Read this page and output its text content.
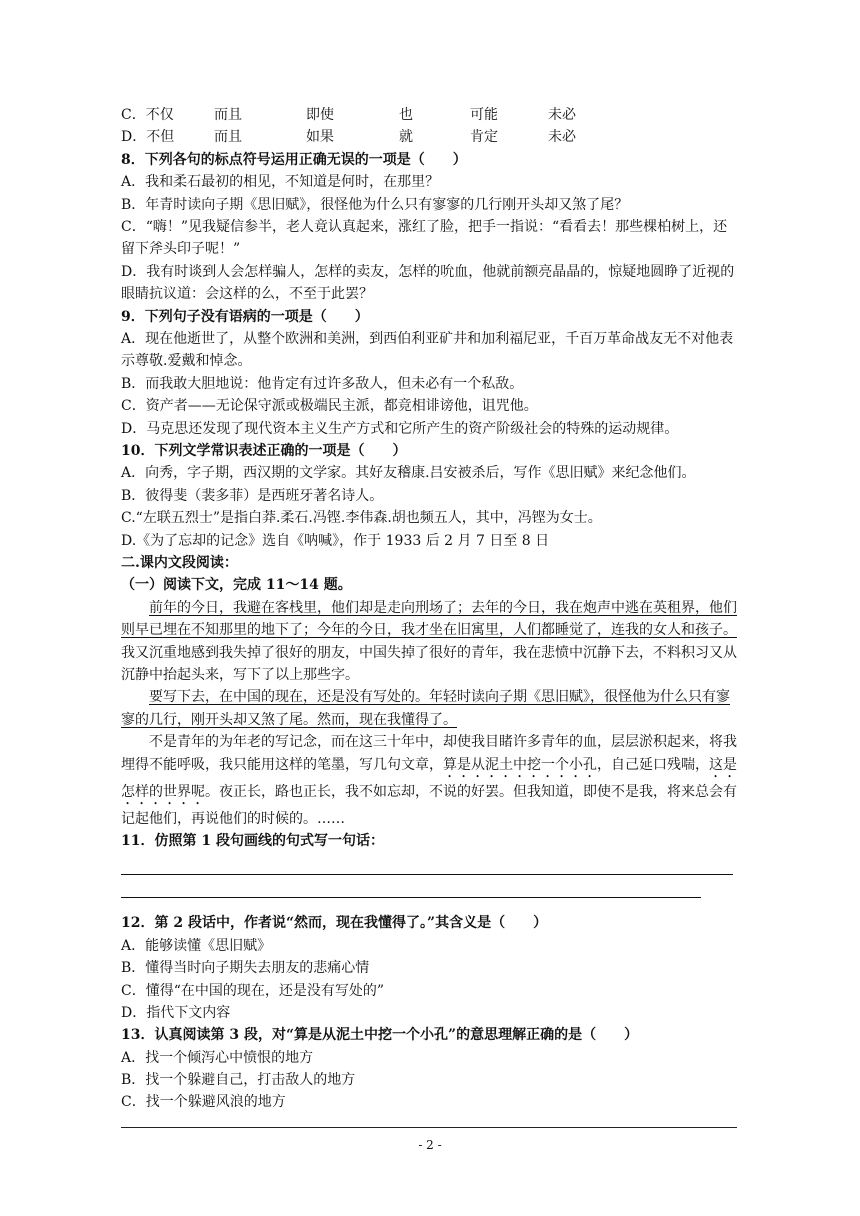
C．不仅	而且	即使	也	可能	未必
D．不但	而且	如果	就	肯定	未必
8．下列各句的标点符号运用正确无误的一项是（　　）
A．我和柔石最初的相见，不知道是何时，在那里？
B．年青时读向子期《思旧赋》，很怪他为什么只有寥寥的几行刚开头却又煞了尾？
C．“嗨！”见我疑信参半，老人竟认真起来，涨红了脸，把手一指说：“看看去！那些棵柏树上，还留下斧头印子呢！”
D．我有时谈到人会怎样骗人，怎样的卖友，怎样的吮血，他就前额亮晶晶的，惊疑地圆睁了近视的眼睛抗议道：会这样的么，不至于此罢？
9．下列句子没有语病的一项是（　　）
A．现在他逝世了，从整个欧洲和美洲，到西伯利亚矿井和加利福尼亚，千百万革命战友无不对他表示尊敬.爱戴和悼念。
B．而我敢大胆地说：他肯定有过许多敌人，但未必有一个私敌。
C．资产者——无论保守派或极端民主派，都竞相诽谤他，诅咒他。
D．马克思还发现了现代资本主义生产方式和它所产生的资产阶级社会的特殊的运动规律。
10．下列文学常识表述正确的一项是（　　）
A．向秀，字子期，西汉期的文学家。其好友稽康.吕安被杀后，写作《思旧赋》来纪念他们。
B．彼得斐（裴多菲）是西班牙著名诗人。
C.“左联五烈士”是指白莽.柔石.冯铿.李伟森.胡也频五人，其中，冯铿为女士。
D.《为了忘却的记念》选自《呐喊》，作于 1933 后 2 月 7 日至 8 日
二.课内文段阅读：
（一）阅读下文，完成 11～14 题。
前年的今日，我避在客栈里，他们却是走向刑场了；去年的今日，我在炮声中逃在英租界，他们则早已埋在不知那里的地下了；今年的今日，我才坐在旧寓里，人们都睡觉了，连我的女人和孩子。我又沉重地感到我失掉了很好的朋友，中国失掉了很好的青年，我在悲愤中沉静下去，不料积习又从沉静中抬起头来，写下了以上那些字。
要写下去，在中国的现在，还是没有写处的。年轻时读向子期《思旧赋》，很怪他为什么只有寥寥的几行，刚开头却又煞了尾。然而，现在我懂得了。
不是青年的为年老的写记念，而在这三十年中，却使我目睹许多青年的血，层层淤积起来，将我埋得不能呼吸，我只能用这样的笔墨，写几句文章，算是从泥土中挖一个小孔，自己延口残喘，这是怎样的世界呢。夜正长，路也正长，我不如忘却，不说的好罢。但我知道，即使不是我，将来总会有记起他们，再说他们的时候的。……
11．仿照第 1 段句画线的句式写一句话：
12．第 2 段话中，作者说“然而，现在我懂得了。”其含义是（　　）
A．能够读懂《思旧赋》
B．懂得当时向子期失去朋友的悲痛心情
C．懂得“在中国的现在，还是没有写处的”
D．指代下文内容
13．认真阅读第 3 段，对“算是从泥土中挖一个小孔”的意思理解正确的是（　　）
A．找一个倾泻心中愤恨的地方
B．找一个躲避自己，打击敌人的地方
C．找一个躲避风浪的地方
- 2 -
